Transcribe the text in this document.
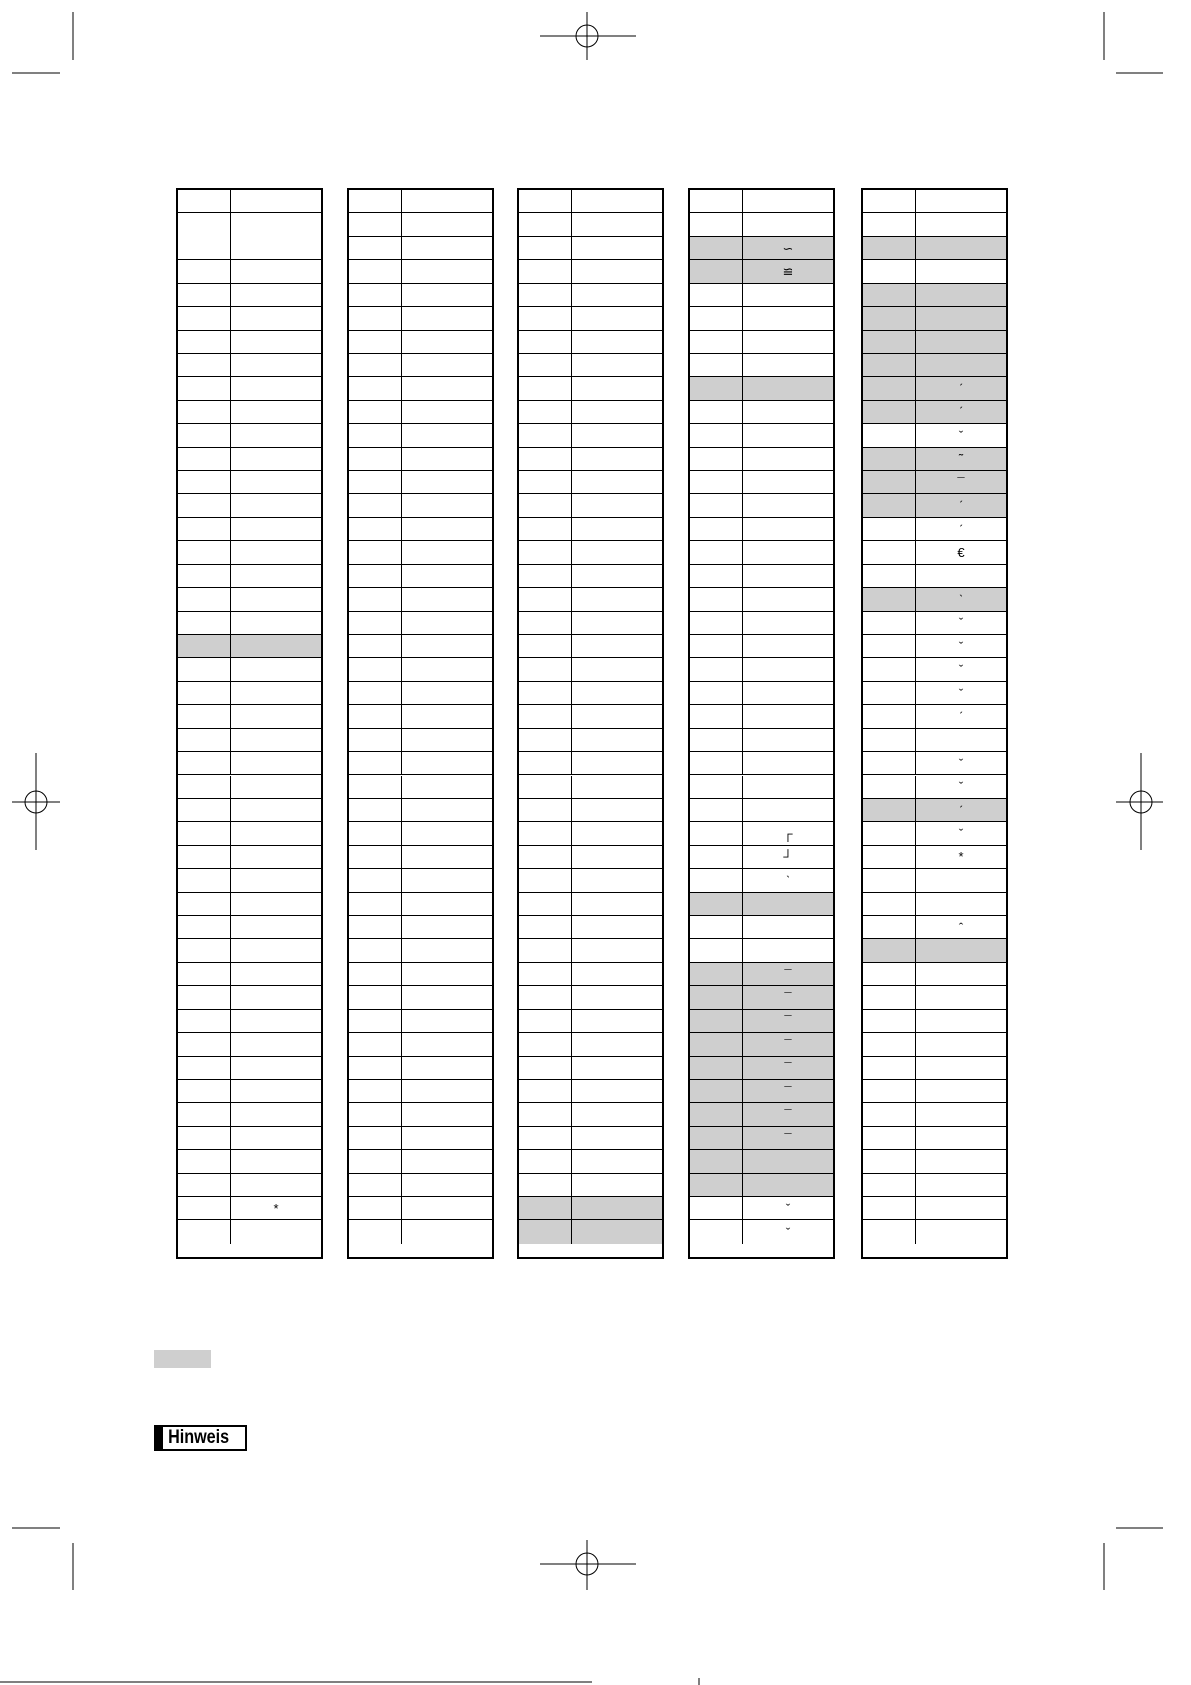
*
∽
≌
┌
┘
ˋ
¯
¯
¯
¯
¯
¯
¯
¯
ˇ
ˇ
ˊ
ˊ
ˇ
˜
¯
ˊ
ˊ
€
ˋ
ˇ
ˇ
ˇ
ˇ
ˊ
ˇ
ˇ
ˊ
ˇ
*
ˆ
Hinweis
